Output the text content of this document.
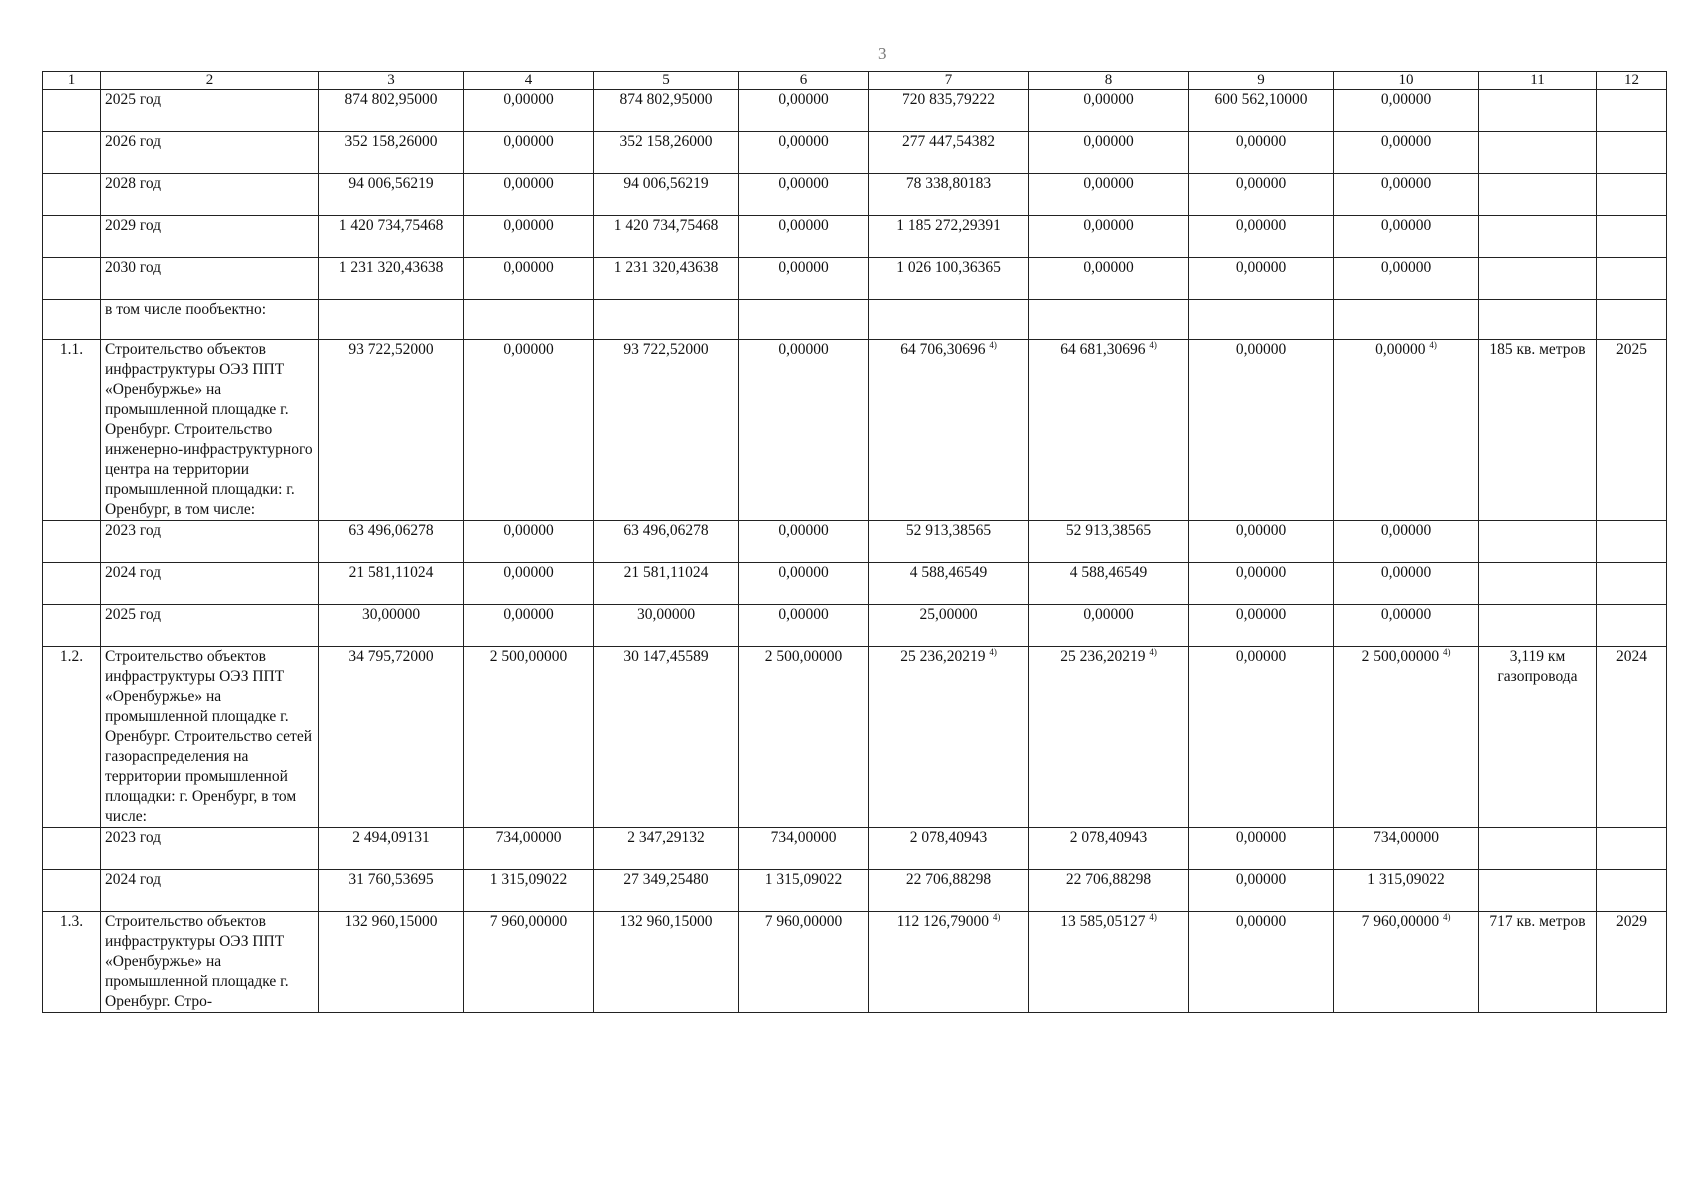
3
1	2	3	4	5	6	7	8	9	10	11	12
	2025 год	874 802,95000	0,00000	874 802,95000	0,00000	720 835,79222	0,00000	600 562,10000	0,00000		
	2026 год	352 158,26000	0,00000	352 158,26000	0,00000	277 447,54382	0,00000	0,00000	0,00000		
	2028 год	94 006,56219	0,00000	94 006,56219	0,00000	78 338,80183	0,00000	0,00000	0,00000		
	2029 год	1 420 734,75468	0,00000	1 420 734,75468	0,00000	1 185 272,29391	0,00000	0,00000	0,00000		
	2030 год	1 231 320,43638	0,00000	1 231 320,43638	0,00000	1 026 100,36365	0,00000	0,00000	0,00000		
	в том числе пообъектно:										
1.1.	Строительство объектов инфраструктуры ОЭЗ ППТ «Оренбуржье» на промышленной площадке г. Оренбург. Строительство инженерно-инфраструктурного центра на территории промышленной площадки: г. Оренбург, в том числе:	93 722,52000	0,00000	93 722,52000	0,00000	64 706,30696 $^{4)}$	64 681,30696 $^{4)}$	0,00000	0,00000 $^{4)}$	185 кв. метров	2025
	2023 год	63 496,06278	0,00000	63 496,06278	0,00000	52 913,38565	52 913,38565	0,00000	0,00000		
	2024 год	21 581,11024	0,00000	21 581,11024	0,00000	4 588,46549	4 588,46549	0,00000	0,00000		
	2025 год	30,00000	0,00000	30,00000	0,00000	25,00000	0,00000	0,00000	0,00000		
1.2.	Строительство объектов инфраструктуры ОЭЗ ППТ «Оренбуржье» на промышленной площадке г. Оренбург. Строительство сетей газораспределения на территории промышленной площадки: г. Оренбург, в том числе:	34 795,72000	2 500,00000	30 147,45589	2 500,00000	25 236,20219 $^{4)}$	25 236,20219 $^{4)}$	0,00000	2 500,00000 $^{4)}$	3,119 км газопровода	2024
	2023 год	2 494,09131	734,00000	2 347,29132	734,00000	2 078,40943	2 078,40943	0,00000	734,00000		
	2024 год	31 760,53695	1 315,09022	27 349,25480	1 315,09022	22 706,88298	22 706,88298	0,00000	1 315,09022		
1.3.	Строительство объектов инфраструктуры ОЭЗ ППТ «Оренбуржье» на промышленной площадке г. Оренбург. Стро-	132 960,15000	7 960,00000	132 960,15000	7 960,00000	112 126,79000 $^{4)}$	13 585,05127 $^{4)}$	0,00000	7 960,00000 $^{4)}$	717 кв. метров	2029
